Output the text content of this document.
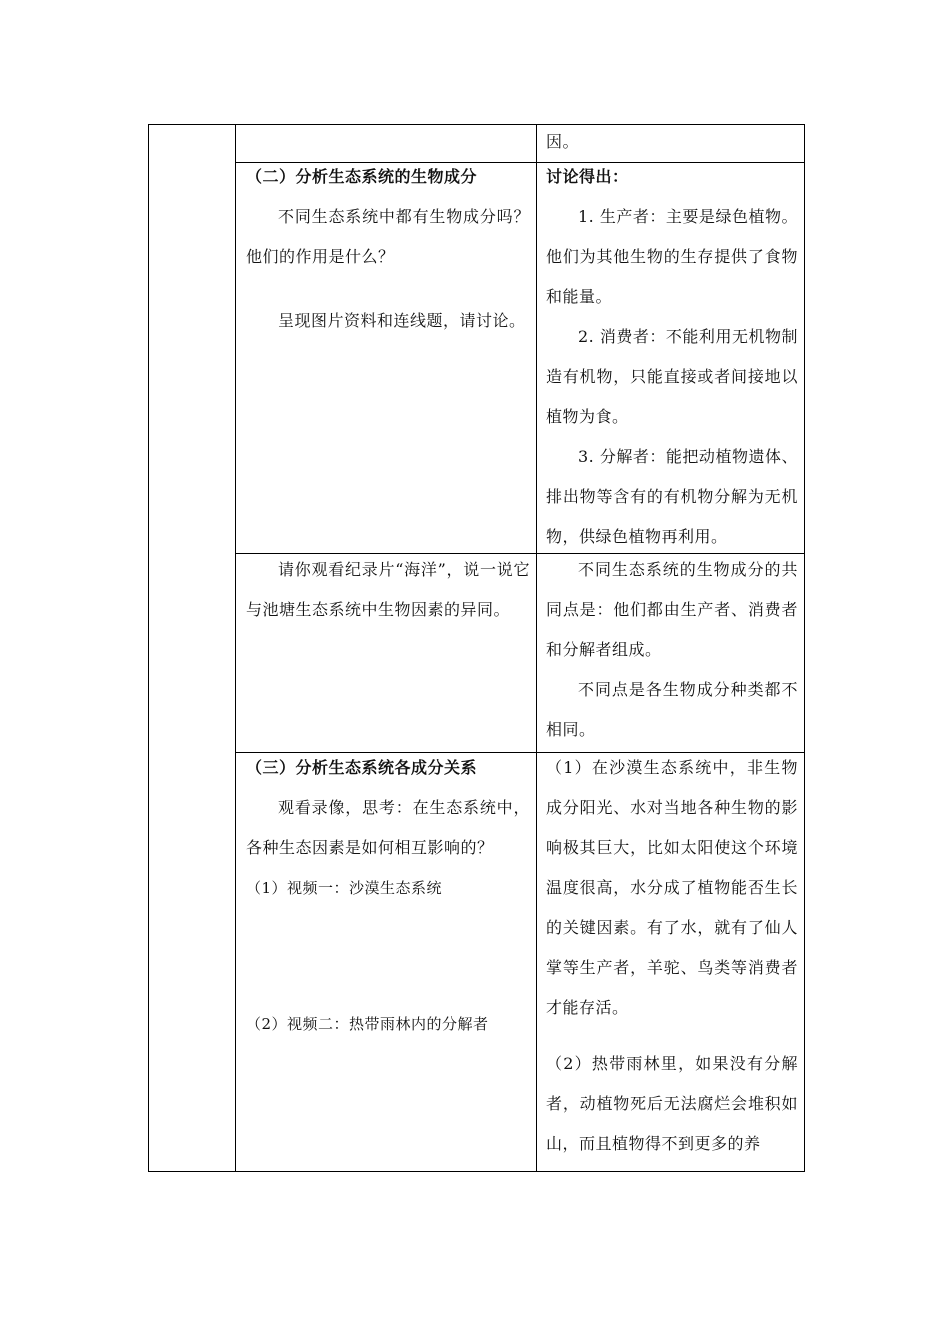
因。

（二）分析生态系统的生物成分

不同生态系统中都有生物成分吗？他们的作用是什么？

呈现图片资料和连线题，请讨论。

讨论得出：

1. 生产者：主要是绿色植物。他们为其他生物的生存提供了食物和能量。

2. 消费者：不能利用无机物制造有机物，只能直接或者间接地以植物为食。

3. 分解者：能把动植物遗体、排出物等含有的有机物分解为无机物，供绿色植物再利用。

请你观看纪录片“海洋”，说一说它与池塘生态系统中生物因素的异同。

不同生态系统的生物成分的共同点是：他们都由生产者、消费者和分解者组成。

不同点是各生物成分种类都不相同。

（三）分析生态系统各成分关系

观看录像，思考：在生态系统中，各种生态因素是如何相互影响的？

（1）视频一：沙漠生态系统

（2）视频二：热带雨林内的分解者

（1）在沙漠生态系统中，非生物成分阳光、水对当地各种生物的影响极其巨大，比如太阳使这个环境温度很高，水分成了植物能否生长的关键因素。有了水，就有了仙人掌等生产者，羊驼、鸟类等消费者才能存活。

（2）热带雨林里，如果没有分解者，动植物死后无法腐烂会堆积如山，而且植物得不到更多的养
